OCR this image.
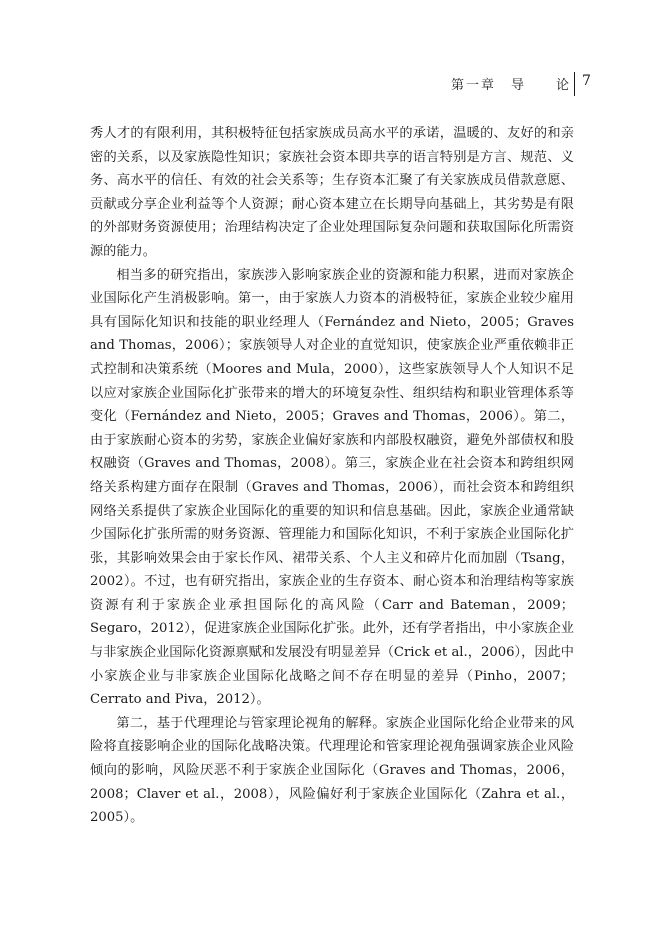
第一章　导　　论 7

秀人才的有限利用，其积极特征包括家族成员高水平的承诺，温暖的、友好的和亲密的关系，以及家族隐性知识；家族社会资本即共享的语言特别是方言、规范、义务、高水平的信任、有效的社会关系等；生存资本汇聚了有关家族成员借款意愿、贡献或分享企业利益等个人资源；耐心资本建立在长期导向基础上，其劣势是有限的外部财务资源使用；治理结构决定了企业处理国际复杂问题和获取国际化所需资源的能力。

相当多的研究指出，家族涉入影响家族企业的资源和能力积累，进而对家族企业国际化产生消极影响。第一，由于家族人力资本的消极特征，家族企业较少雇用具有国际化知识和技能的职业经理人（Fernández and Nieto，2005；Graves and Thomas，2006）；家族领导人对企业的直觉知识，使家族企业严重依赖非正式控制和决策系统（Moores and Mula，2000），这些家族领导人个人知识不足以应对家族企业国际化扩张带来的增大的环境复杂性、组织结构和职业管理体系等变化（Fernández and Nieto，2005；Graves and Thomas，2006）。第二，由于家族耐心资本的劣势，家族企业偏好家族和内部股权融资，避免外部债权和股权融资（Graves and Thomas，2008）。第三，家族企业在社会资本和跨组织网络关系构建方面存在限制（Graves and Thomas，2006），而社会资本和跨组织网络关系提供了家族企业国际化的重要的知识和信息基础。因此，家族企业通常缺少国际化扩张所需的财务资源、管理能力和国际化知识，不利于家族企业国际化扩张，其影响效果会由于家长作风、裙带关系、个人主义和碎片化而加剧（Tsang，2002）。不过，也有研究指出，家族企业的生存资本、耐心资本和治理结构等家族资源有利于家族企业承担国际化的高风险（Carr and Bateman，2009；Segaro，2012），促进家族企业国际化扩张。此外，还有学者指出，中小家族企业与非家族企业国际化资源禀赋和发展没有明显差异（Crick et al.，2006），因此中小家族企业与非家族企业国际化战略之间不存在明显的差异（Pinho，2007；Cerrato and Piva，2012）。

第二，基于代理理论与管家理论视角的解释。家族企业国际化给企业带来的风险将直接影响企业的国际化战略决策。代理理论和管家理论视角强调家族企业风险倾向的影响，风险厌恶不利于家族企业国际化（Graves and Thomas，2006，2008；Claver et al.，2008），风险偏好利于家族企业国际化（Zahra et al.，2005）。
